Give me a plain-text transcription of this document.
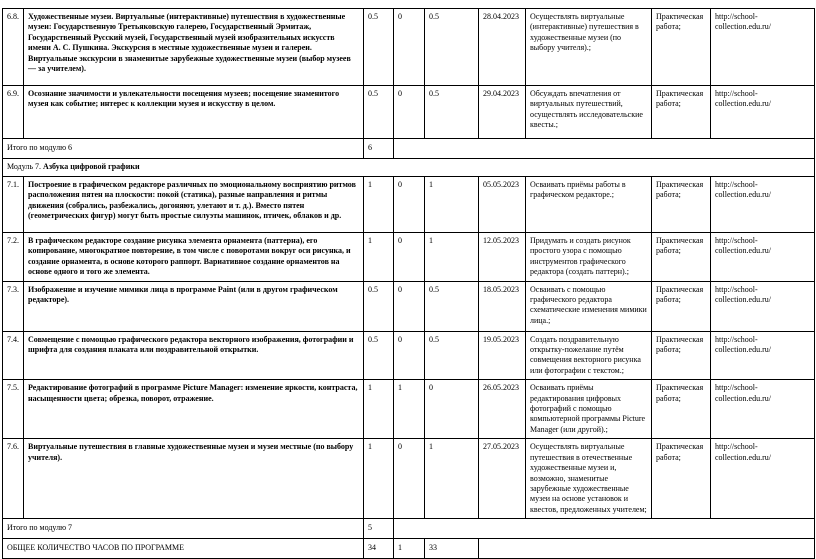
6.8.	Художественные музеи. Виртуальные (интерактивные) путешествия в художественные музеи: Государственную Третьяковскую галерею, Государственный Эрмитаж, Государственный Русский музей, Государственный музей изобразительных искусств имени А. С. Пушкина. Экскурсия в местные художественные музеи и галереи. Виртуальные экскурсии в знаменитые зарубежные художественные музеи (выбор музеев — за учителем).	0.5	0	0.5	28.04.2023	Осуществлять виртуальные (интерактивные) путешествия в художественные музеи (по выбору учителя).;	Практическая работа;	http://school-collection.edu.ru/
6.9.	Осознание значимости и увлекательности посещения музеев; посещение знаменитого музея как событие; интерес к коллекции музея и искусству в целом.	0.5	0	0.5	29.04.2023	Обсуждать впечатления от виртуальных путешествий, осуществлять исследовательские квесты.;	Практическая работа;	http://school-collection.edu.ru/
Итого по модулю 6		6						
Модуль 7. Азбука цифровой графики								
7.1.	Построение в графическом редакторе различных по эмоциональному восприятию ритмов расположения пятен на плоскости: покой (статика), разные направления и ритмы движения (собрались, разбежались, догоняют, улетают и т. д.). Вместо пятен (геометрических фигур) могут быть простые силуэты машинок, птичек, облаков и др.	1	0	1	05.05.2023	Осваивать приёмы работы в графическом редакторе.;	Практическая работа;	http://school-collection.edu.ru/
7.2.	В графическом редакторе создание рисунка элемента орнамента (паттерна), его копирование, многократное повторение, в том числе с поворотами вокруг оси рисунка, и создание орнамента, в основе которого раппорт. Вариативное создание орнаментов на основе одного и того же элемента.	1	0	1	12.05.2023	Придумать и создать рисунок простого узора с помощью инструментов графического редактора (создать паттерн).;	Практическая работа;	http://school-collection.edu.ru/
7.3.	Изображение и изучение мимики лица в программе Paint (или в другом графическом редакторе).	0.5	0	0.5	18.05.2023	Осваивать с помощью графического редактора схематические изменения мимики лица.;	Практическая работа;	http://school-collection.edu.ru/
7.4.	Совмещение с помощью графического редактора векторного изображения, фотографии и шрифта для создания плаката или поздравительной открытки.	0.5	0	0.5	19.05.2023	Создать поздравительную открытку-пожелание путём совмещения векторного рисунка или фотографии с текстом.;	Практическая работа;	http://school-collection.edu.ru/
7.5.	Редактирование фотографий в программе Picture Manager: изменение яркости, контраста, насыщенности цвета; обрезка, поворот, отражение.	1	1	0	26.05.2023	Осваивать приёмы редактирования цифровых фотографий с помощью компьютерной программы Picture Manager (или другой).;	Практическая работа;	http://school-collection.edu.ru/
7.6.	Виртуальные путешествия в главные художественные музеи и музеи местные (по выбору учителя).	1	0	1	27.05.2023	Осуществлять виртуальные путешествия в отечественные художественные музеи и, возможно, знаменитые зарубежные художественные музеи на основе установок и квестов, предложенных учителем;	Практическая работа;	http://school-collection.edu.ru/
Итого по модулю 7		5						
ОБЩЕЕ КОЛИЧЕСТВО ЧАСОВ ПО ПРОГРАММЕ		34	1	33				
